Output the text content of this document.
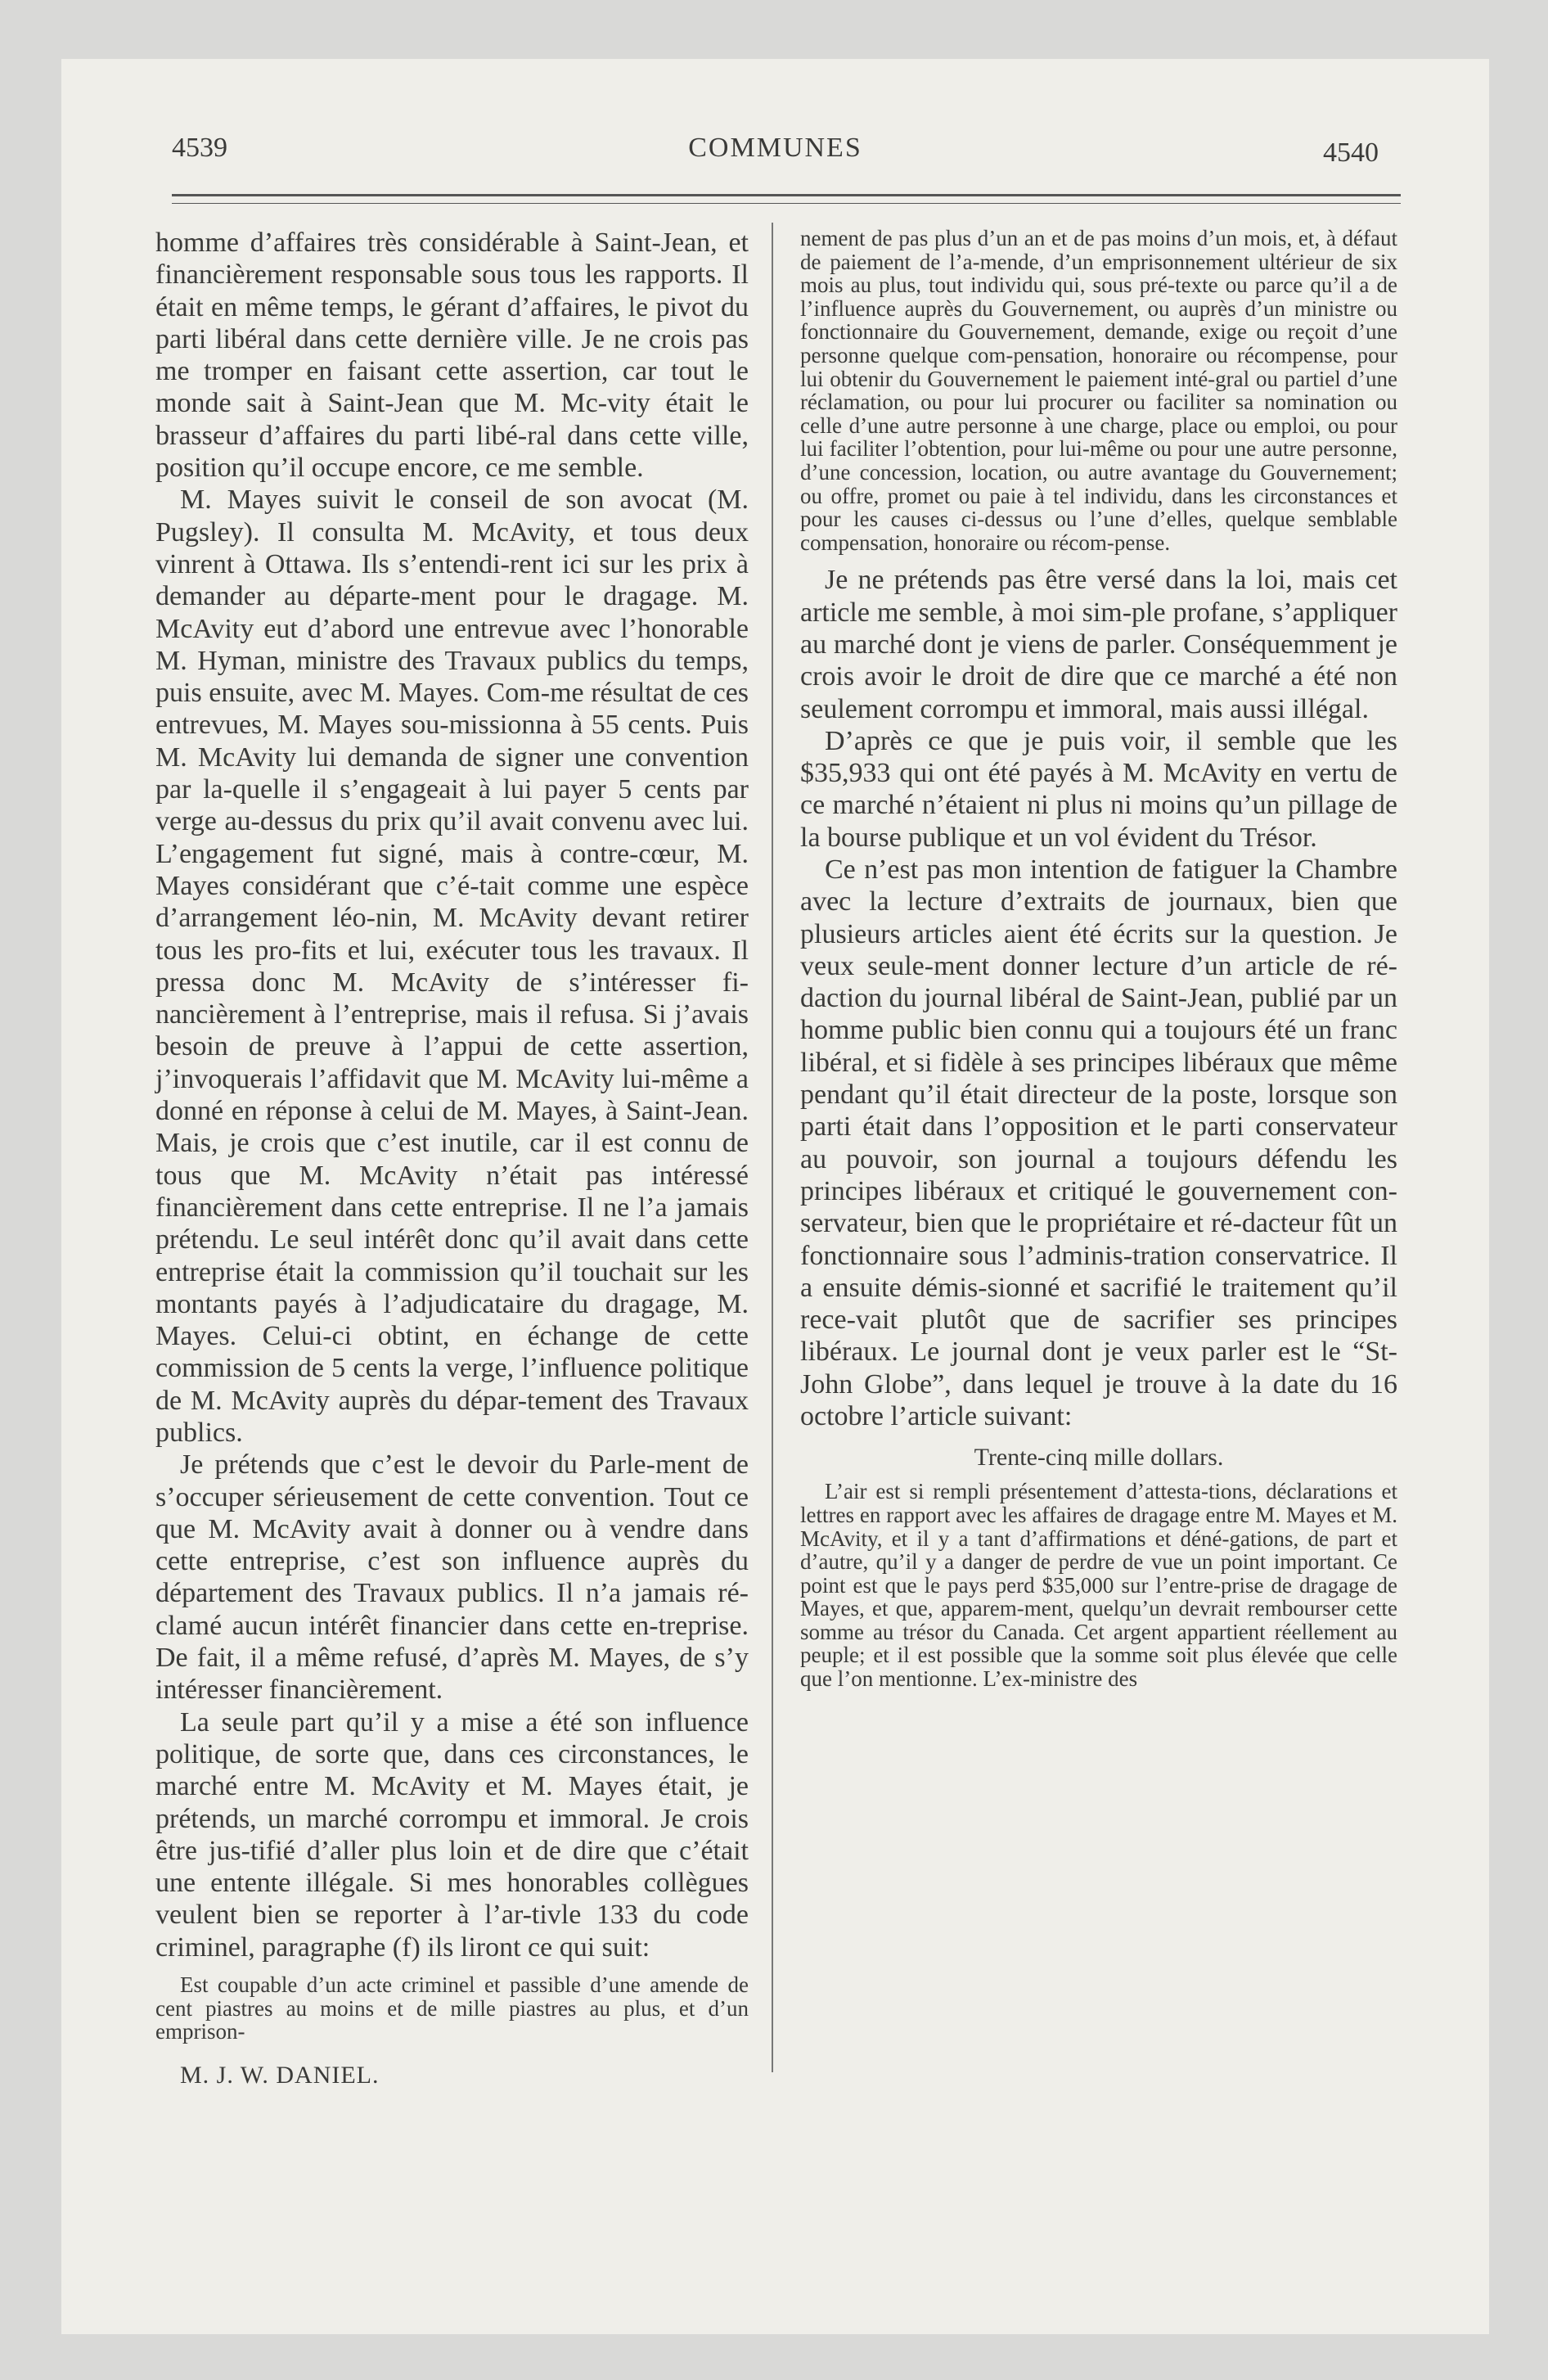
4539	COMMUNES	4540

homme d’affaires très considérable à Saint-Jean, et financièrement responsable sous tous les rapports. Il était en même temps, le gérant d’affaires, le pivot du parti libéral dans cette dernière ville. Je ne crois pas me tromper en faisant cette assertion, car tout le monde sait à Saint-Jean que M. Mc-vity était le brasseur d’affaires du parti libé-ral dans cette ville, position qu’il occupe encore, ce me semble.

M. Mayes suivit le conseil de son avocat (M. Pugsley). Il consulta M. McAvity, et tous deux vinrent à Ottawa. Ils s’entendi-rent ici sur les prix à demander au départe-ment pour le dragage. M. McAvity eut d’abord une entrevue avec l’honorable M. Hyman, ministre des Travaux publics du temps, puis ensuite, avec M. Mayes. Com-me résultat de ces entrevues, M. Mayes sou-missionna à 55 cents. Puis M. McAvity lui demanda de signer une convention par la-quelle il s’engageait à lui payer 5 cents par verge au-dessus du prix qu’il avait convenu avec lui. L’engagement fut signé, mais à contre-cœur, M. Mayes considérant que c’é-tait comme une espèce d’arrangement léo-nin, M. McAvity devant retirer tous les pro-fits et lui, exécuter tous les travaux. Il pressa donc M. McAvity de s’intéresser fi-nancièrement à l’entreprise, mais il refusa. Si j’avais besoin de preuve à l’appui de cette assertion, j’invoquerais l’affidavit que M. McAvity lui-même a donné en réponse à celui de M. Mayes, à Saint-Jean. Mais, je crois que c’est inutile, car il est connu de tous que M. McAvity n’était pas intéressé financièrement dans cette entreprise. Il ne l’a jamais prétendu. Le seul intérêt donc qu’il avait dans cette entreprise était la commission qu’il touchait sur les montants payés à l’adjudicataire du dragage, M. Mayes. Celui-ci obtint, en échange de cette commission de 5 cents la verge, l’influence politique de M. McAvity auprès du dépar-tement des Travaux publics.

Je prétends que c’est le devoir du Parle-ment de s’occuper sérieusement de cette convention. Tout ce que M. McAvity avait à donner ou à vendre dans cette entreprise, c’est son influence auprès du département des Travaux publics. Il n’a jamais ré-clamé aucun intérêt financier dans cette en-treprise. De fait, il a même refusé, d’après M. Mayes, de s’y intéresser financièrement.

La seule part qu’il y a mise a été son influence politique, de sorte que, dans ces circonstances, le marché entre M. McAvity et M. Mayes était, je prétends, un marché corrompu et immoral. Je crois être jus-tifié d’aller plus loin et de dire que c’était une entente illégale. Si mes honorables collègues veulent bien se reporter à l’ar-tivle 133 du code criminel, paragraphe (f) ils liront ce qui suit:

Est coupable d’un acte criminel et passible d’une amende de cent piastres au moins et de mille piastres au plus, et d’un emprison-

M. J. W. DANIEL.

nement de pas plus d’un an et de pas moins d’un mois, et, à défaut de paiement de l’a-mende, d’un emprisonnement ultérieur de six mois au plus, tout individu qui, sous pré-texte ou parce qu’il a de l’influence auprès du Gouvernement, ou auprès d’un ministre ou fonctionnaire du Gouvernement, demande, exige ou reçoit d’une personne quelque com-pensation, honoraire ou récompense, pour lui obtenir du Gouvernement le paiement inté-gral ou partiel d’une réclamation, ou pour lui procurer ou faciliter sa nomination ou celle d’une autre personne à une charge, place ou emploi, ou pour lui faciliter l’obtention, pour lui-même ou pour une autre personne, d’une concession, location, ou autre avantage du Gouvernement; ou offre, promet ou paie à tel individu, dans les circonstances et pour les causes ci-dessus ou l’une d’elles, quelque semblable compensation, honoraire ou récom-pense.

Je ne prétends pas être versé dans la loi, mais cet article me semble, à moi sim-ple profane, s’appliquer au marché dont je viens de parler. Conséquemment je crois avoir le droit de dire que ce marché a été non seulement corrompu et immoral, mais aussi illégal.

D’après ce que je puis voir, il semble que les $35,933 qui ont été payés à M. McAvity en vertu de ce marché n’étaient ni plus ni moins qu’un pillage de la bourse publique et un vol évident du Trésor.

Ce n’est pas mon intention de fatiguer la Chambre avec la lecture d’extraits de journaux, bien que plusieurs articles aient été écrits sur la question. Je veux seule-ment donner lecture d’un article de ré-daction du journal libéral de Saint-Jean, publié par un homme public bien connu qui a toujours été un franc libéral, et si fidèle à ses principes libéraux que même pendant qu’il était directeur de la poste, lorsque son parti était dans l’opposition et le parti conservateur au pouvoir, son journal a toujours défendu les principes libéraux et critiqué le gouvernement con-servateur, bien que le propriétaire et ré-dacteur fût un fonctionnaire sous l’adminis-tration conservatrice. Il a ensuite démis-sionné et sacrifié le traitement qu’il rece-vait plutôt que de sacrifier ses principes libéraux. Le journal dont je veux parler est le “St-John Globe”, dans lequel je trouve à la date du 16 octobre l’article suivant:

Trente-cinq mille dollars.

L’air est si rempli présentement d’attesta-tions, déclarations et lettres en rapport avec les affaires de dragage entre M. Mayes et M. McAvity, et il y a tant d’affirmations et déné-gations, de part et d’autre, qu’il y a danger de perdre de vue un point important. Ce point est que le pays perd $35,000 sur l’entre-prise de dragage de Mayes, et que, apparem-ment, quelqu’un devrait rembourser cette somme au trésor du Canada. Cet argent appartient réellement au peuple; et il est possible que la somme soit plus élevée que celle que l’on mentionne. L’ex-ministre des
